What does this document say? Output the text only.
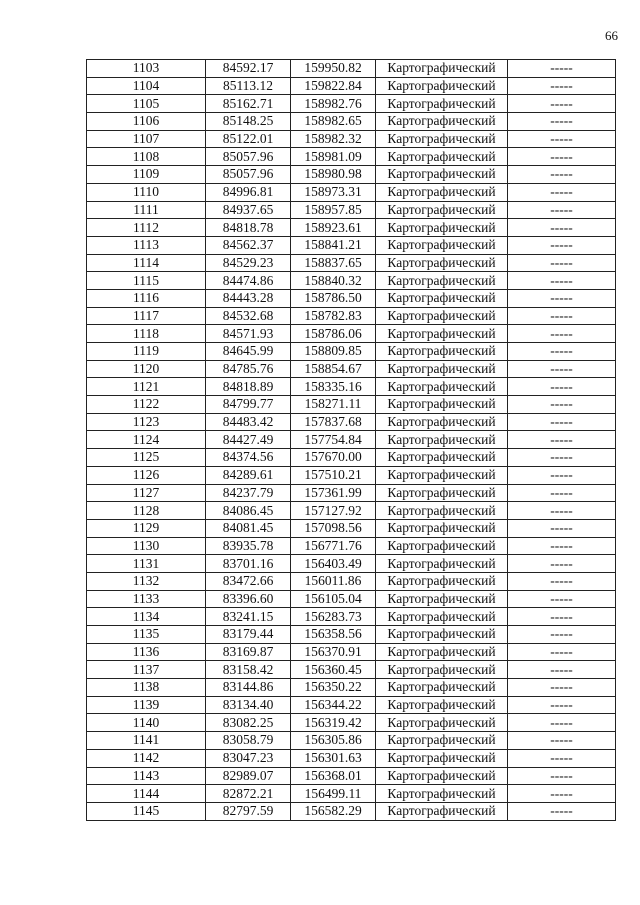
66
1103	84592.17	159950.82	Картографический	-----
1104	85113.12	159822.84	Картографический	-----
1105	85162.71	158982.76	Картографический	-----
1106	85148.25	158982.65	Картографический	-----
1107	85122.01	158982.32	Картографический	-----
1108	85057.96	158981.09	Картографический	-----
1109	85057.96	158980.98	Картографический	-----
1110	84996.81	158973.31	Картографический	-----
1111	84937.65	158957.85	Картографический	-----
1112	84818.78	158923.61	Картографический	-----
1113	84562.37	158841.21	Картографический	-----
1114	84529.23	158837.65	Картографический	-----
1115	84474.86	158840.32	Картографический	-----
1116	84443.28	158786.50	Картографический	-----
1117	84532.68	158782.83	Картографический	-----
1118	84571.93	158786.06	Картографический	-----
1119	84645.99	158809.85	Картографический	-----
1120	84785.76	158854.67	Картографический	-----
1121	84818.89	158335.16	Картографический	-----
1122	84799.77	158271.11	Картографический	-----
1123	84483.42	157837.68	Картографический	-----
1124	84427.49	157754.84	Картографический	-----
1125	84374.56	157670.00	Картографический	-----
1126	84289.61	157510.21	Картографический	-----
1127	84237.79	157361.99	Картографический	-----
1128	84086.45	157127.92	Картографический	-----
1129	84081.45	157098.56	Картографический	-----
1130	83935.78	156771.76	Картографический	-----
1131	83701.16	156403.49	Картографический	-----
1132	83472.66	156011.86	Картографический	-----
1133	83396.60	156105.04	Картографический	-----
1134	83241.15	156283.73	Картографический	-----
1135	83179.44	156358.56	Картографический	-----
1136	83169.87	156370.91	Картографический	-----
1137	83158.42	156360.45	Картографический	-----
1138	83144.86	156350.22	Картографический	-----
1139	83134.40	156344.22	Картографический	-----
1140	83082.25	156319.42	Картографический	-----
1141	83058.79	156305.86	Картографический	-----
1142	83047.23	156301.63	Картографический	-----
1143	82989.07	156368.01	Картографический	-----
1144	82872.21	156499.11	Картографический	-----
1145	82797.59	156582.29	Картографический	-----
